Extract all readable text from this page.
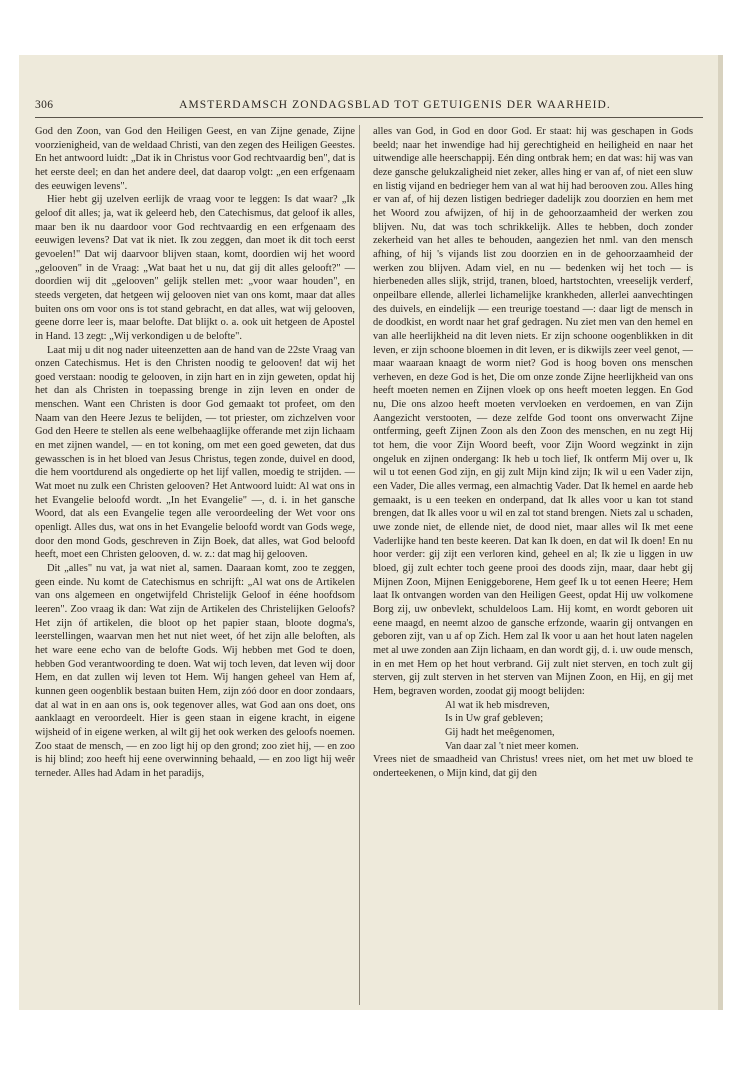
306	AMSTERDAMSCH ZONDAGSBLAD TOT GETUIGENIS DER WAARHEID.

God den Zoon, van God den Heiligen Geest, en van Zijne genade, Zijne voorzienigheid, van de weldaad Christi, van den zegen des Heiligen Geestes. En het antwoord luidt: „Dat ik in Christus voor God rechtvaardig ben", dat is het eerste deel; en dan het andere deel, dat daarop volgt: „en een erfgenaam des eeuwigen levens".

Hier hebt gij uzelven eerlijk de vraag voor te leggen: Is dat waar? „Ik geloof dit alles; ja, wat ik geleerd heb, den Catechismus, dat geloof ik alles, maar ben ik nu daardoor voor God rechtvaardig en een erfgenaam des eeuwigen levens? Dat vat ik niet. Ik zou zeggen, dan moet ik dit toch eerst gevoelen!" Dat wij daarvoor blijven staan, komt, doordien wij het woord „gelooven" in de Vraag: „Wat baat het u nu, dat gij dit alles gelooft?" — doordien wij dit „gelooven" gelijk stellen met: „voor waar houden", en steeds vergeten, dat hetgeen wij gelooven niet van ons komt, maar dat alles buiten ons om voor ons is tot stand gebracht, en dat alles, wat wij gelooven, geene dorre leer is, maar belofte. Dat blijkt o. a. ook uit hetgeen de Apostel in Hand. 13 zegt: „Wij verkondigen u de belofte".

Laat mij u dit nog nader uiteenzetten aan de hand van de 22ste Vraag van onzen Catechismus. Het is den Christen noodig te gelooven! dat wij het goed verstaan: noodig te gelooven, in zijn hart en in zijn geweten, opdat hij het dan als Christen in toepassing brenge in zijn leven en onder de menschen. Want een Christen is door God gemaakt tot profeet, om den Naam van den Heere Jezus te belijden, — tot priester, om zichzelven voor God den Heere te stellen als eene welbehaaglijke offerande met zijn lichaam en met zijnen wandel, — en tot koning, om met een goed geweten, dat dus gewasschen is in het bloed van Jesus Christus, tegen zonde, duivel en dood, die hem voortdurend als ongedierte op het lijf vallen, moedig te strijden. — Wat moet nu zulk een Christen gelooven? Het Antwoord luidt: Al wat ons in het Evangelie beloofd wordt. „In het Evangelie" —, d. i. in het gansche Woord, dat als een Evangelie tegen alle veroordeeling der Wet voor ons openligt. Alles dus, wat ons in het Evangelie beloofd wordt van Gods wege, door den mond Gods, geschreven in Zijn Boek, dat alles, wat God beloofd heeft, moet een Christen gelooven, d. w. z.: dat mag hij gelooven.

Dit „alles" nu vat, ja wat niet al, samen. Daaraan komt, zoo te zeggen, geen einde. Nu komt de Catechismus en schrijft: „Al wat ons de Artikelen van ons algemeen en ongetwijfeld Christelijk Geloof in ééne hoofdsom leeren". Zoo vraag ik dan: Wat zijn de Artikelen des Christelijken Geloofs? Het zijn óf artikelen, die bloot op het papier staan, bloote dogma's, leerstellingen, waarvan men het nut niet weet, óf het zijn alle beloften, als het ware eene echo van de belofte Gods. Wij hebben met God te doen, hebben God verantwoording te doen. Wat wij toch leven, dat leven wij door Hem, en dat zullen wij leven tot Hem. Wij hangen geheel van Hem af, kunnen geen oogenblik bestaan buiten Hem, zijn zóó door en door zondaars, dat al wat in en aan ons is, ook tegenover alles, wat God aan ons doet, ons aanklaagt en veroordeelt. Hier is geen staan in eigene kracht, in eigene wijsheid of in eigene werken, al wilt gij het ook werken des geloofs noemen. Zoo staat de mensch, — en zoo ligt hij op den grond; zoo ziet hij, — en zoo is hij blind; zoo heeft hij eene overwinning behaald, — en zoo ligt hij weêr terneder. Alles had Adam in het paradijs,

alles van God, in God en door God. Er staat: hij was geschapen in Gods beeld; naar het inwendige had hij gerechtigheid en heiligheid en naar het uitwendige alle heerschappij. Eén ding ontbrak hem; en dat was: hij was van deze gansche gelukzaligheid niet zeker, alles hing er van af, of niet een sluw en listig vijand en bedrieger hem van al wat hij had berooven zou. Alles hing er van af, of hij dezen listigen bedrieger dadelijk zou doorzien en hem met het Woord zou afwijzen, of hij in de gehoorzaamheid der werken zou blijven. Nu, dat was toch schrikkelijk. Alles te hebben, doch zonder zekerheid van het alles te behouden, aangezien het nml. van den mensch afhing, of hij 's vijands list zou doorzien en in de gehoorzaamheid der werken zou blijven. Adam viel, en nu — bedenken wij het toch — is hierbeneden alles slijk, strijd, tranen, bloed, hartstochten, vreeselijk verderf, onpeilbare ellende, allerlei lichamelijke krankheden, allerlei aanvechtingen des duivels, en eindelijk — een treurige toestand —: daar ligt de mensch in de doodkist, en wordt naar het graf gedragen. Nu ziet men van den hemel en van alle heerlijkheid na dit leven niets. Er zijn schoone oogenblikken in dit leven, er zijn schoone bloemen in dit leven, er is dikwijls zeer veel genot, — maar waaraan knaagt de worm niet? God is hoog boven ons menschen verheven, en deze God is het, Die om onze zonde Zijne heerlijkheid van ons heeft moeten nemen en Zijnen vloek op ons heeft moeten leggen. En God nu, Die ons alzoo heeft moeten vervloeken en verdoemen, en van Zijn Aangezicht verstooten, — deze zelfde God toont ons onverwacht Zijne ontferming, geeft Zijnen Zoon als den Zoon des menschen, en nu zegt Hij tot hem, die voor Zijn Woord beeft, voor Zijn Woord wegzinkt in zijn ongeluk en zijnen ondergang: Ik heb u toch lief, Ik ontferm Mij over u, Ik wil u tot eenen God zijn, en gij zult Mijn kind zijn; Ik wil u een Vader zijn, een Vader, Die alles vermag, een almachtig Vader. Dat Ik hemel en aarde heb gemaakt, is u een teeken en onderpand, dat Ik alles voor u kan tot stand brengen, dat Ik alles voor u wil en zal tot stand brengen. Niets zal u schaden, uwe zonde niet, de ellende niet, de dood niet, maar alles wil Ik met eene Vaderlijke hand ten beste keeren. Dat kan Ik doen, en dat wil Ik doen! En nu hoor verder: gij zijt een verloren kind, geheel en al; Ik zie u liggen in uw bloed, gij zult echter toch geene prooi des doods zijn, maar, daar hebt gij Mijnen Zoon, Mijnen Eeniggeborene, Hem geef Ik u tot eenen Heere; Hem laat Ik ontvangen worden van den Heiligen Geest, opdat Hij uw volkomene Borg zij, uw onbevlekt, schuldeloos Lam. Hij komt, en wordt geboren uit eene maagd, en neemt alzoo de gansche erfzonde, waarin gij ontvangen en geboren zijt, van u af op Zich. Hem zal Ik voor u aan het hout laten nagelen met al uwe zonden aan Zijn lichaam, en dan wordt gij, d. i. uw oude mensch, in en met Hem op het hout verbrand. Gij zult niet sterven, en toch zult gij sterven, gij zult sterven in het sterven van Mijnen Zoon, en Hij, en gij met Hem, begraven worden, zoodat gij moogt belijden:

Al wat ik heb misdreven,
Is in Uw graf gebleven;
Gij hadt het meêgenomen,
Van daar zal 't niet meer komen.

Vrees niet de smaadheid van Christus! vrees niet, om het met uw bloed te onderteekenen, o Mijn kind, dat gij den
